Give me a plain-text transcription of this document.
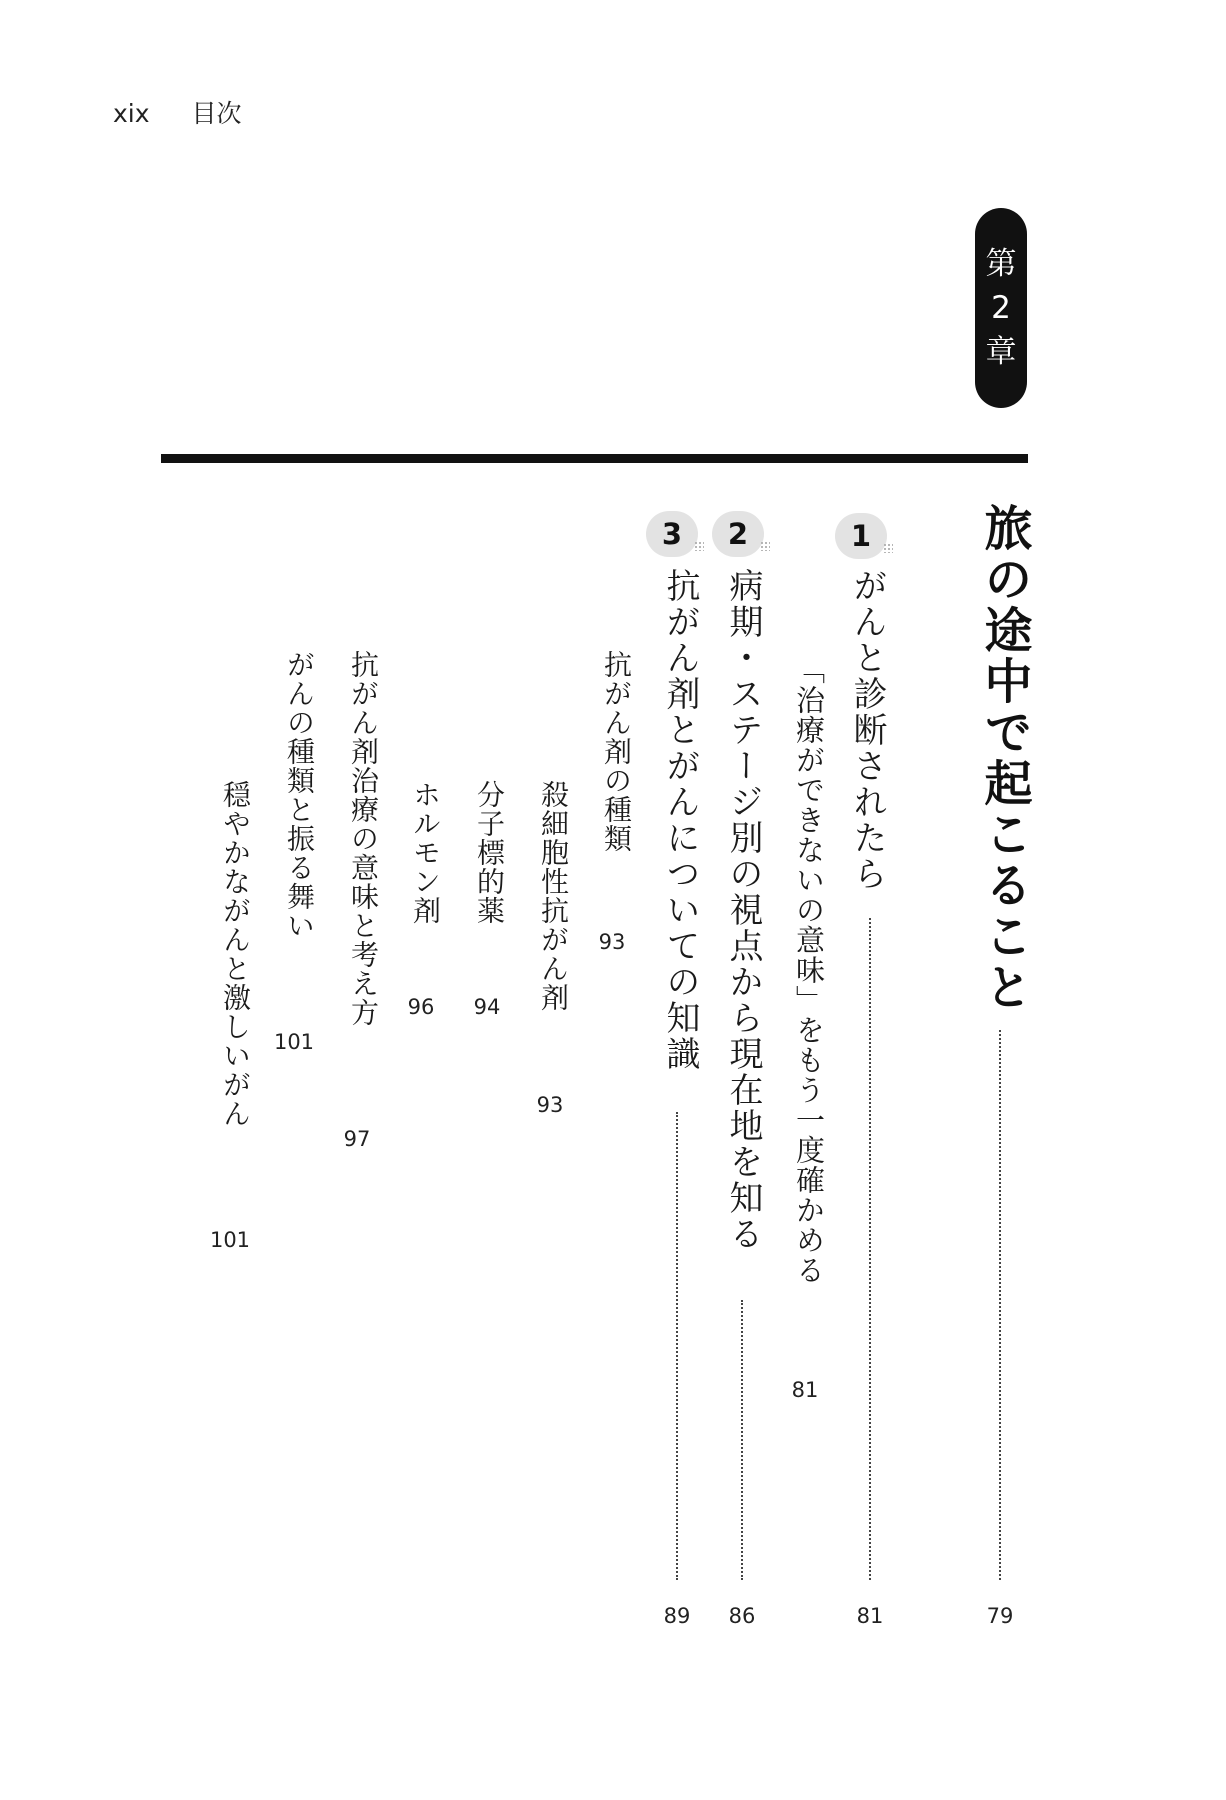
xix 目次
第
2
章
旅の途中で起こること
79
1
がんと診断されたら
81
「治療ができないの意味」をもう一度確かめる
81
2
病期・ステージ別の視点から現在地を知る
86
3
抗がん剤とがんについての知識
89
抗がん剤の種類
93
殺細胞性抗がん剤
93
分子標的薬
94
ホルモン剤
96
抗がん剤治療の意味と考え方
97
がんの種類と振る舞い
101
穏やかながんと激しいがん
101
